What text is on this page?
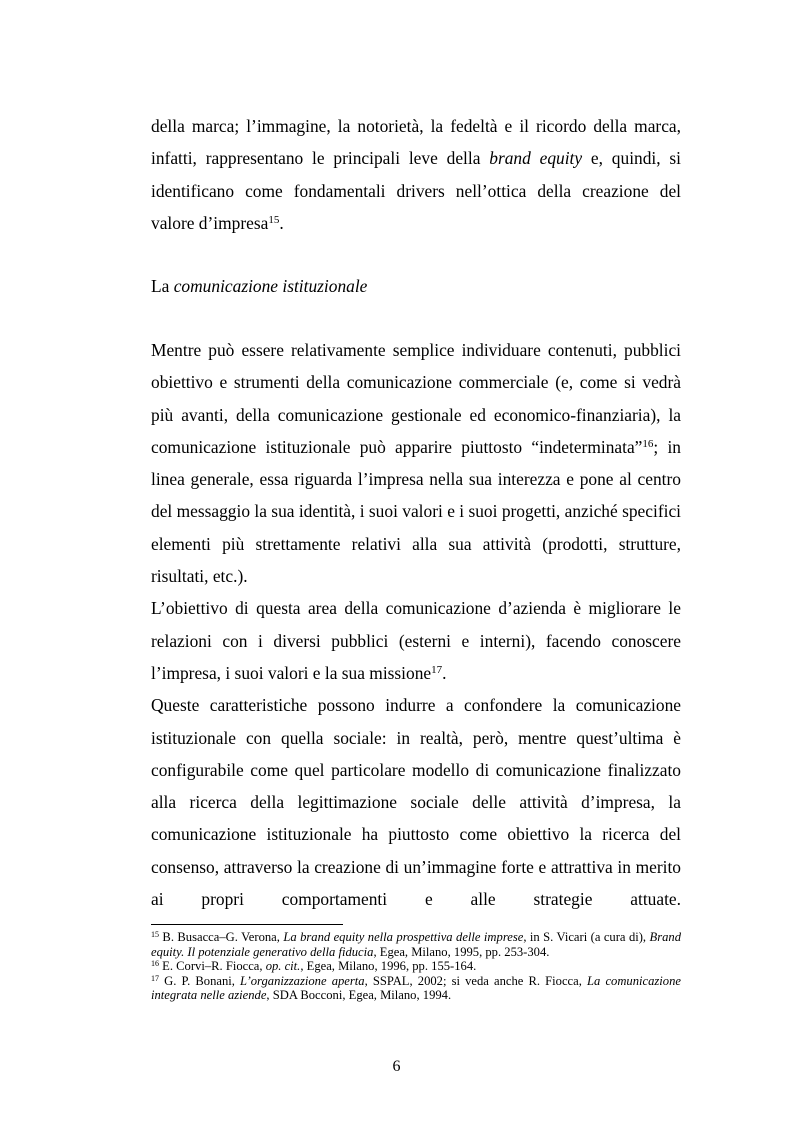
della marca; l’immagine, la notorietà, la fedeltà e il ricordo della marca, infatti, rappresentano le principali leve della brand equity e, quindi, si identificano come fondamentali drivers nell’ottica della creazione del valore d’impresa$^{15}$.

La comunicazione istituzionale

Mentre può essere relativamente semplice individuare contenuti, pubblici obiettivo e strumenti della comunicazione commerciale (e, come si vedrà più avanti, della comunicazione gestionale ed economico-finanziaria), la comunicazione istituzionale può apparire piuttosto “indeterminata”$^{16}$; in linea generale, essa riguarda l’impresa nella sua interezza e pone al centro del messaggio la sua identità, i suoi valori e i suoi progetti, anziché specifici elementi più strettamente relativi alla sua attività (prodotti, strutture, risultati, etc.).

L’obiettivo di questa area della comunicazione d’azienda è migliorare le relazioni con i diversi pubblici (esterni e interni), facendo conoscere l’impresa, i suoi valori e la sua missione$^{17}$.

Queste caratteristiche possono indurre a confondere la comunicazione istituzionale con quella sociale: in realtà, però, mentre quest’ultima è configurabile come quel particolare modello di comunicazione finalizzato alla ricerca della legittimazione sociale delle attività d’impresa, la comunicazione istituzionale ha piuttosto come obiettivo la ricerca del consenso, attraverso la creazione di un’immagine forte e attrattiva in merito ai propri comportamenti e alle strategie attuate.

$^{15}$ B. Busacca–G. Verona, La brand equity nella prospettiva delle imprese, in S. Vicari (a cura di), Brand equity. Il potenziale generativo della fiducia, Egea, Milano, 1995, pp. 253-304.

$^{16}$ E. Corvi–R. Fiocca, op. cit., Egea, Milano, 1996, pp. 155-164.

$^{17}$ G. P. Bonani, L’organizzazione aperta, SSPAL, 2002; si veda anche R. Fiocca, La comunicazione integrata nelle aziende, SDA Bocconi, Egea, Milano, 1994.

6
